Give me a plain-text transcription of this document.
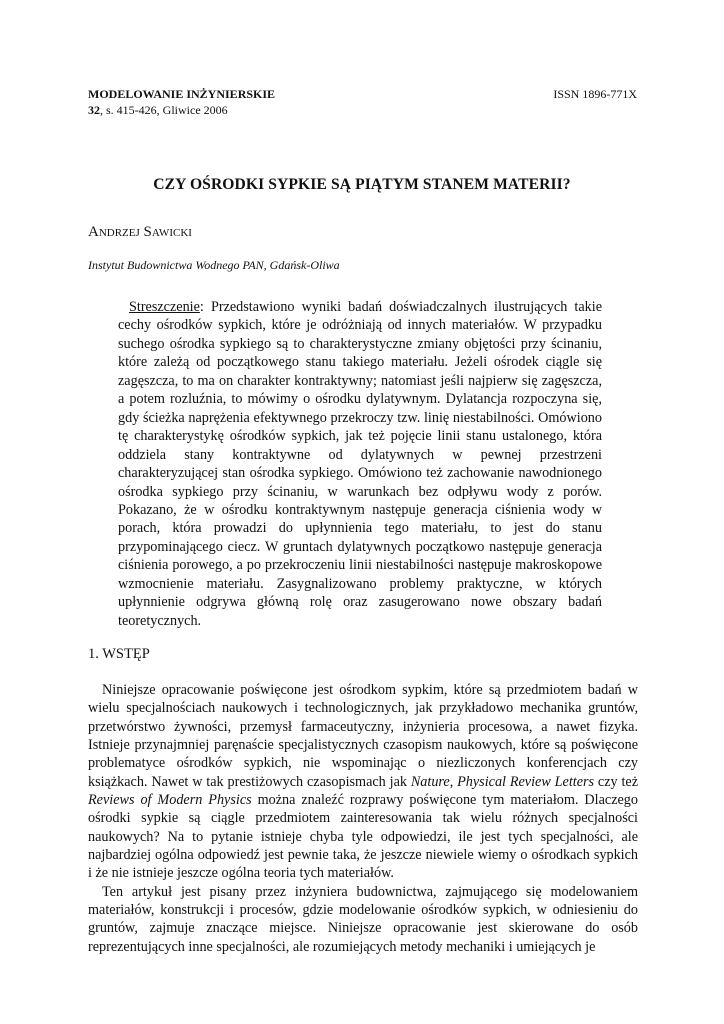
MODELOWANIE INŻYNIERSKIE	ISSN 1896-771X
32, s. 415-426, Gliwice 2006
CZY OŚRODKI SYPKIE SĄ PIĄTYM STANEM MATERII?
Andrzej Sawicki
Instytut Budownictwa Wodnego PAN, Gdańsk-Oliwa
Streszczenie: Przedstawiono wyniki badań doświadczalnych ilustrujących takie cechy ośrodków sypkich, które je odróżniają od innych materiałów. W przypadku suchego ośrodka sypkiego są to charakterystyczne zmiany objętości przy ścinaniu, które zależą od początkowego stanu takiego materiału. Jeżeli ośrodek ciągle się zagęszcza, to ma on charakter kontraktywny; natomiast jeśli najpierw się zagęszcza, a potem rozluźnia, to mówimy o ośrodku dylatywnym. Dylatancja rozpoczyna się, gdy ścieżka naprężenia efektywnego przekroczy tzw. linię niestabilności. Omówiono tę charakterystykę ośrodków sypkich, jak też pojęcie linii stanu ustalonego, która oddziela stany kontraktywne od dylatywnych w pewnej przestrzeni charakteryzującej stan ośrodka sypkiego. Omówiono też zachowanie nawodnionego ośrodka sypkiego przy ścinaniu, w warunkach bez odpływu wody z porów. Pokazano, że w ośrodku kontraktywnym następuje generacja ciśnienia wody w porach, która prowadzi do upłynnienia tego materiału, to jest do stanu przypominającego ciecz. W gruntach dylatywnych początkowo następuje generacja ciśnienia porowego, a po przekroczeniu linii niestabilności następuje makroskopowe wzmocnienie materiału. Zasygnalizowano problemy praktyczne, w których upłynnienie odgrywa główną rolę oraz zasugerowano nowe obszary badań teoretycznych.
1. WSTĘP

Niniejsze opracowanie poświęcone jest ośrodkom sypkim, które są przedmiotem badań w wielu specjalnościach naukowych i technologicznych, jak przykładowo mechanika gruntów, przetwórstwo żywności, przemysł farmaceutyczny, inżynieria procesowa, a nawet fizyka. Istnieje przynajmniej paręnaście specjalistycznych czasopism naukowych, które są poświęcone problematyce ośrodków sypkich, nie wspominając o niezliczonych konferencjach czy książkach. Nawet w tak prestiżowych czasopismach jak Nature, Physical Review Letters czy też Reviews of Modern Physics można znaleźć rozprawy poświęcone tym materiałom. Dlaczego ośrodki sypkie są ciągle przedmiotem zainteresowania tak wielu różnych specjalności naukowych? Na to pytanie istnieje chyba tyle odpowiedzi, ile jest tych specjalności, ale najbardziej ogólna odpowiedź jest pewnie taka, że jeszcze niewiele wiemy o ośrodkach sypkich i że nie istnieje jeszcze ogólna teoria tych materiałów.

Ten artykuł jest pisany przez inżyniera budownictwa, zajmującego się modelowaniem materiałów, konstrukcji i procesów, gdzie modelowanie ośrodków sypkich, w odniesieniu do gruntów, zajmuje znaczące miejsce. Niniejsze opracowanie jest skierowane do osób reprezentujących inne specjalności, ale rozumiejących metody mechaniki i umiejących je
